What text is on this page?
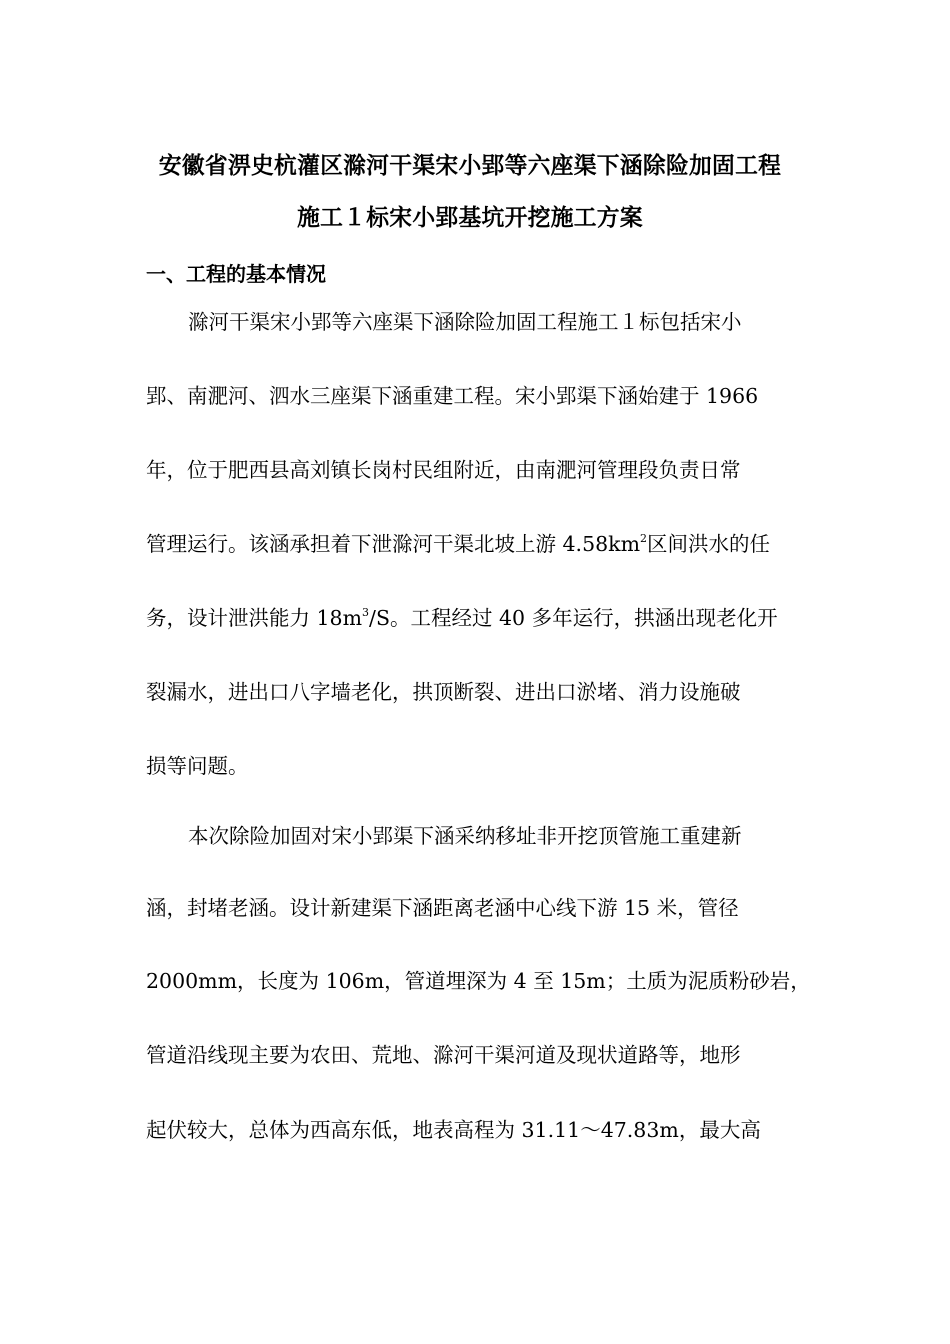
安徽省淠史杭灌区滁河干渠宋小郢等六座渠下涵除险加固工程
施工１标宋小郢基坑开挖施工方案
一、工程的基本情况
滁河干渠宋小郢等六座渠下涵除险加固工程施工１标包括宋小
郢、南淝河、泗水三座渠下涵重建工程。宋小郢渠下涵始建于 1966
年，位于肥西县高刘镇长岗村民组附近，由南淝河管理段负责日常
管理运行。该涵承担着下泄滁河干渠北坡上游 $4.58km^2$区间洪水的任
务，设计泄洪能力 $18m^3/S$。工程经过 40 多年运行，拱涵出现老化开
裂漏水，进出口八字墙老化，拱顶断裂、进出口淤堵、消力设施破
损等问题。
本次除险加固对宋小郢渠下涵采纳移址非开挖顶管施工重建新
涵，封堵老涵。设计新建渠下涵距离老涵中心线下游 15 米，管径
2000mm，长度为 106m，管道埋深为 4 至 15m；土质为泥质粉砂岩，
管道沿线现主要为农田、荒地、滁河干渠河道及现状道路等，地形
起伏较大，总体为西高东低，地表高程为 31.11～47.83m，最大高
